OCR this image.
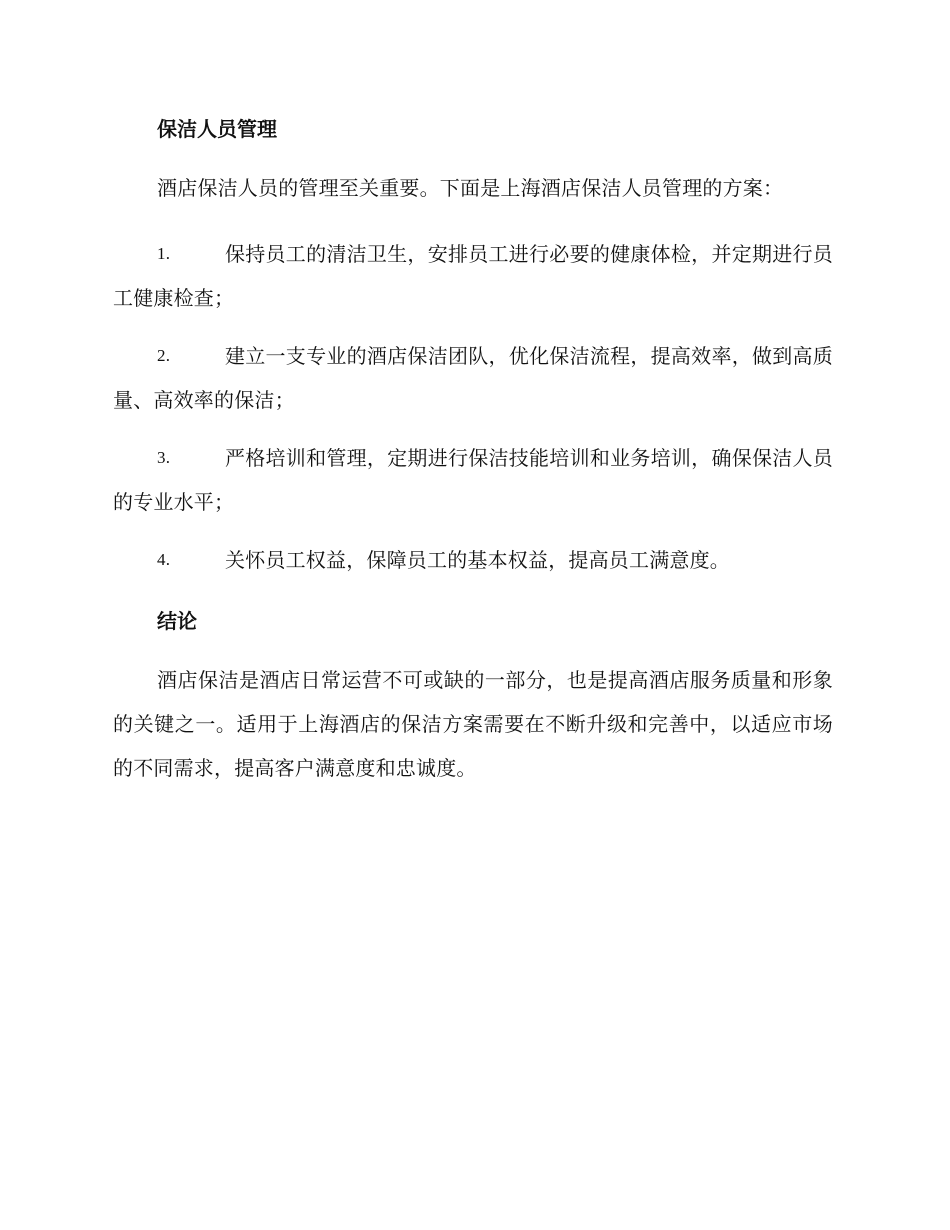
保洁人员管理

酒店保洁人员的管理至关重要。下面是上海酒店保洁人员管理的方案：

1.	保持员工的清洁卫生，安排员工进行必要的健康体检，并定期进行员工健康检查；
2.	建立一支专业的酒店保洁团队，优化保洁流程，提高效率，做到高质量、高效率的保洁；
3.	严格培训和管理，定期进行保洁技能培训和业务培训，确保保洁人员的专业水平；
4.	关怀员工权益，保障员工的基本权益，提高员工满意度。
结论

酒店保洁是酒店日常运营不可或缺的一部分，也是提高酒店服务质量和形象的关键之一。适用于上海酒店的保洁方案需要在不断升级和完善中，以适应市场的不同需求，提高客户满意度和忠诚度。
